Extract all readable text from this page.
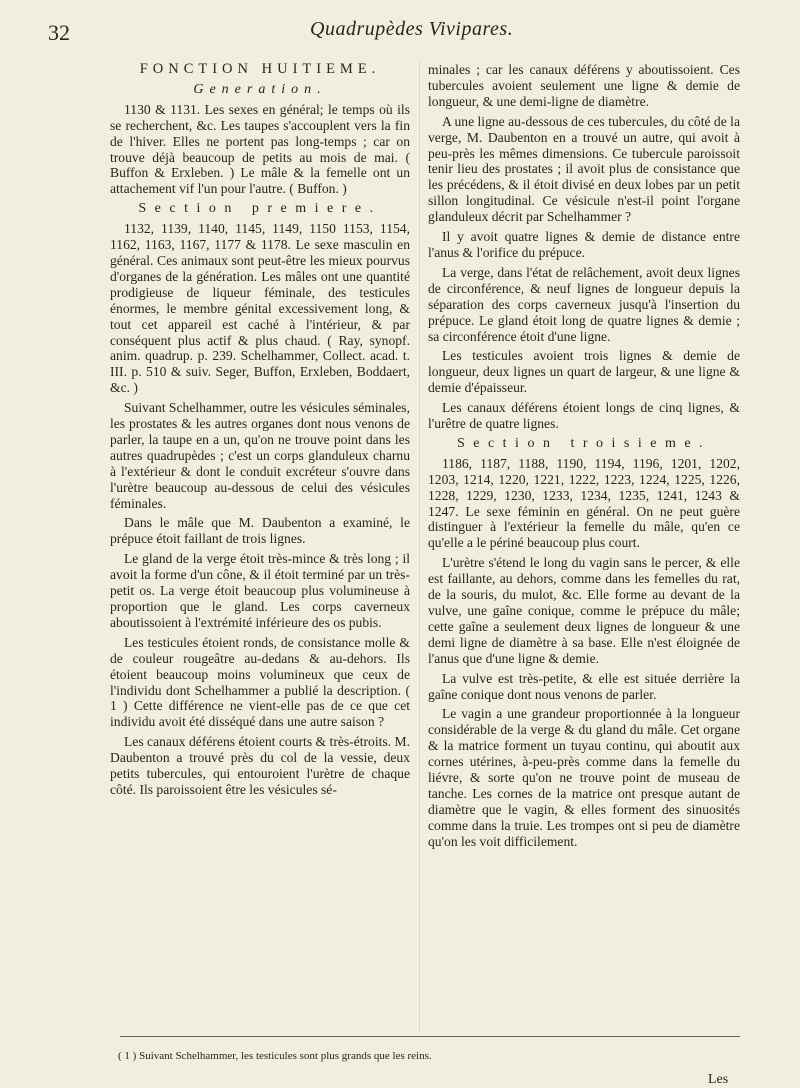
32	Quadrupèdes Vivipares.

FONCTION HUITIEME.

Generation.

1130 & 1131. Les sexes en général; le temps où ils se recherchent, &c. Les taupes s'accouplent vers la fin de l'hiver. Elles ne portent pas long-temps ; car on trouve déjà beaucoup de petits au mois de mai. ( Buffon & Erxleben. ) Le mâle & la femelle ont un attachement vif l'un pour l'autre. ( Buffon. )

Section premiere.

1132, 1139, 1140, 1145, 1149, 1150 1153, 1154, 1162, 1163, 1167, 1177 & 1178. Le sexe masculin en général. Ces animaux sont peut-être les mieux pourvus d'organes de la génération. Les mâles ont une quantité prodigieuse de liqueur féminale, des testicules énormes, le membre génital excessivement long, & tout cet appareil est caché à l'intérieur, & par conséquent plus actif & plus chaud. ( Ray, synopf. anim. quadrup. p. 239. Schelhammer, Collect. acad. t. III. p. 510 & suiv. Seger, Buffon, Erxleben, Boddaert, &c. )

Suivant Schelhammer, outre les vésicules séminales, les prostates & les autres organes dont nous venons de parler, la taupe en a un, qu'on ne trouve point dans les autres quadrupèdes ; c'est un corps glanduleux charnu à l'extérieur & dont le conduit excréteur s'ouvre dans l'urètre beaucoup au-dessous de celui des vésicules féminales.

Dans le mâle que M. Daubenton a examiné, le prépuce étoit faillant de trois lignes.

Le gland de la verge étoit très-mince & très long ; il avoit la forme d'un cône, & il étoit terminé par un très-petit os. La verge étoit beaucoup plus volumineuse à proportion que le gland. Les corps caverneux aboutissoient à l'extrémité inférieure des os pubis.

Les testicules étoient ronds, de consistance molle & de couleur rougeâtre au-dedans & au-dehors. Ils étoient beaucoup moins volumineux que ceux de l'individu dont Schelhammer a publié la description. ( 1 ) Cette différence ne vient-elle pas de ce que cet individu avoit été disséqué dans une autre saison ?

Les canaux déférens étoient courts & très-étroits. M. Daubenton a trouvé près du col de la vessie, deux petits tubercules, qui entouroient l'urètre de chaque côté. Ils paroissoient être les vésicules sé-

minales ; car les canaux déférens y aboutissoient. Ces tubercules avoient seulement une ligne & demie de longueur, & une demi-ligne de diamètre.

A une ligne au-dessous de ces tubercules, du côté de la verge, M. Daubenton en a trouvé un autre, qui avoit à peu-près les mêmes dimensions. Ce tubercule paroissoit tenir lieu des prostates ; il avoit plus de consistance que les précédens, & il étoit divisé en deux lobes par un petit sillon longitudinal. Ce vésicule n'est-il point l'organe glanduleux décrit par Schelhammer ?

Il y avoit quatre lignes & demie de distance entre l'anus & l'orifice du prépuce.

La verge, dans l'état de relâchement, avoit deux lignes de circonférence, & neuf lignes de longueur depuis la séparation des corps caverneux jusqu'à l'insertion du prépuce. Le gland étoit long de quatre lignes & demie ; sa circonférence étoit d'une ligne.

Les testicules avoient trois lignes & demie de longueur, deux lignes un quart de largeur, & une ligne & demie d'épaisseur.

Les canaux déférens étoient longs de cinq lignes, & l'urêtre de quatre lignes.

Section troisieme.

1186, 1187, 1188, 1190, 1194, 1196, 1201, 1202, 1203, 1214, 1220, 1221, 1222, 1223, 1224, 1225, 1226, 1228, 1229, 1230, 1233, 1234, 1235, 1241, 1243 & 1247. Le sexe féminin en général. On ne peut guère distinguer à l'extérieur la femelle du mâle, qu'en ce qu'elle a le périné beaucoup plus court.

L'urètre s'étend le long du vagin sans le percer, & elle est faillante, au dehors, comme dans les femelles du rat, de la souris, du mulot, &c. Elle forme au devant de la vulve, une gaîne conique, comme le prépuce du mâle; cette gaîne a seulement deux lignes de longueur & une demi ligne de diamètre à sa base. Elle n'est éloignée de l'anus que d'une ligne & demie.

La vulve est très-petite, & elle est située derrière la gaîne conique dont nous venons de parler.

Le vagin a une grandeur proportionnée à la longueur considérable de la verge & du gland du mâle. Cet organe & la matrice forment un tuyau continu, qui aboutit aux cornes utérines, à-peu-près comme dans la femelle du liévre, & sorte qu'on ne trouve point de museau de tanche. Les cornes de la matrice ont presque autant de diamètre que le vagin, & elles forment des sinuosités comme dans la truie. Les trompes ont si peu de diamètre qu'on les voit difficilement.

( 1 ) Suivant Schelhammer, les testicules sont plus grands que les reins.
Les
